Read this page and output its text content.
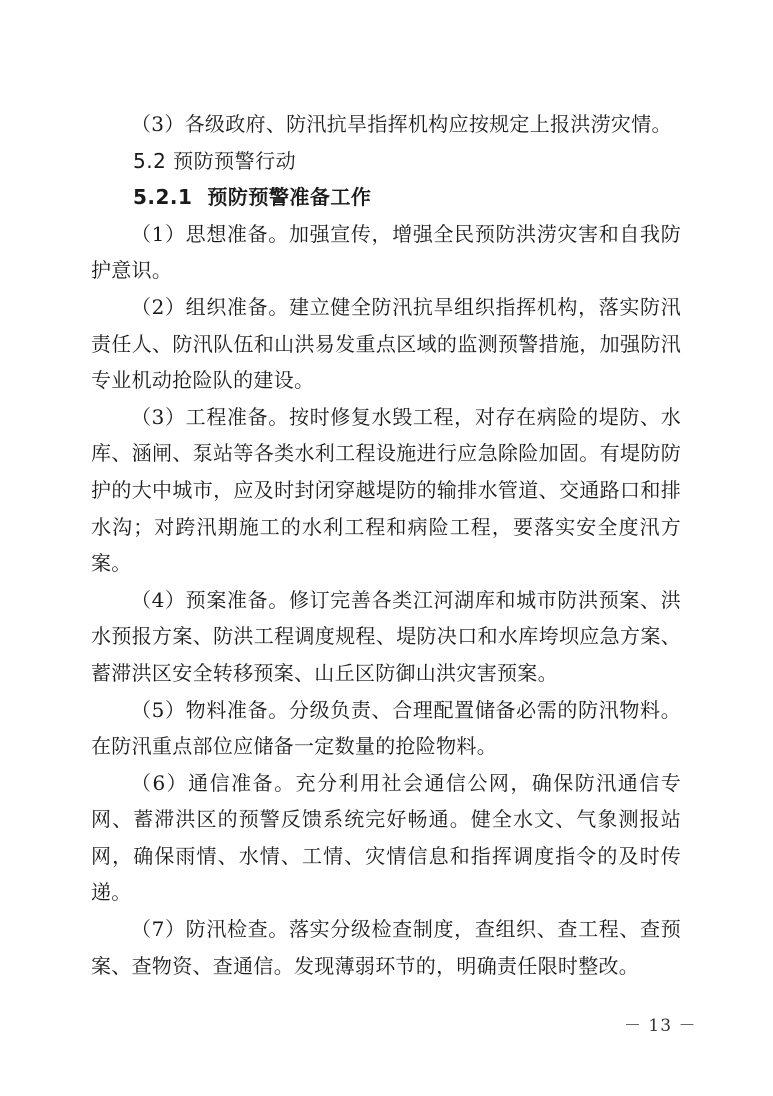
（3）各级政府、防汛抗旱指挥机构应按规定上报洪涝灾情。

5.2 预防预警行动

5.2.1 预防预警准备工作

（1）思想准备。加强宣传，增强全民预防洪涝灾害和自我防护意识。

（2）组织准备。建立健全防汛抗旱组织指挥机构，落实防汛责任人、防汛队伍和山洪易发重点区域的监测预警措施，加强防汛专业机动抢险队的建设。

（3）工程准备。按时修复水毁工程，对存在病险的堤防、水库、涵闸、泵站等各类水利工程设施进行应急除险加固。有堤防防护的大中城市，应及时封闭穿越堤防的输排水管道、交通路口和排水沟；对跨汛期施工的水利工程和病险工程，要落实安全度汛方案。

（4）预案准备。修订完善各类江河湖库和城市防洪预案、洪水预报方案、防洪工程调度规程、堤防决口和水库垮坝应急方案、蓄滞洪区安全转移预案、山丘区防御山洪灾害预案。

（5）物料准备。分级负责、合理配置储备必需的防汛物料。在防汛重点部位应储备一定数量的抢险物料。

（6）通信准备。充分利用社会通信公网，确保防汛通信专网、蓄滞洪区的预警反馈系统完好畅通。健全水文、气象测报站网，确保雨情、水情、工情、灾情信息和指挥调度指令的及时传递。

（7）防汛检查。落实分级检查制度，查组织、查工程、查预案、查物资、查通信。发现薄弱环节的，明确责任限时整改。

－ 13 －
